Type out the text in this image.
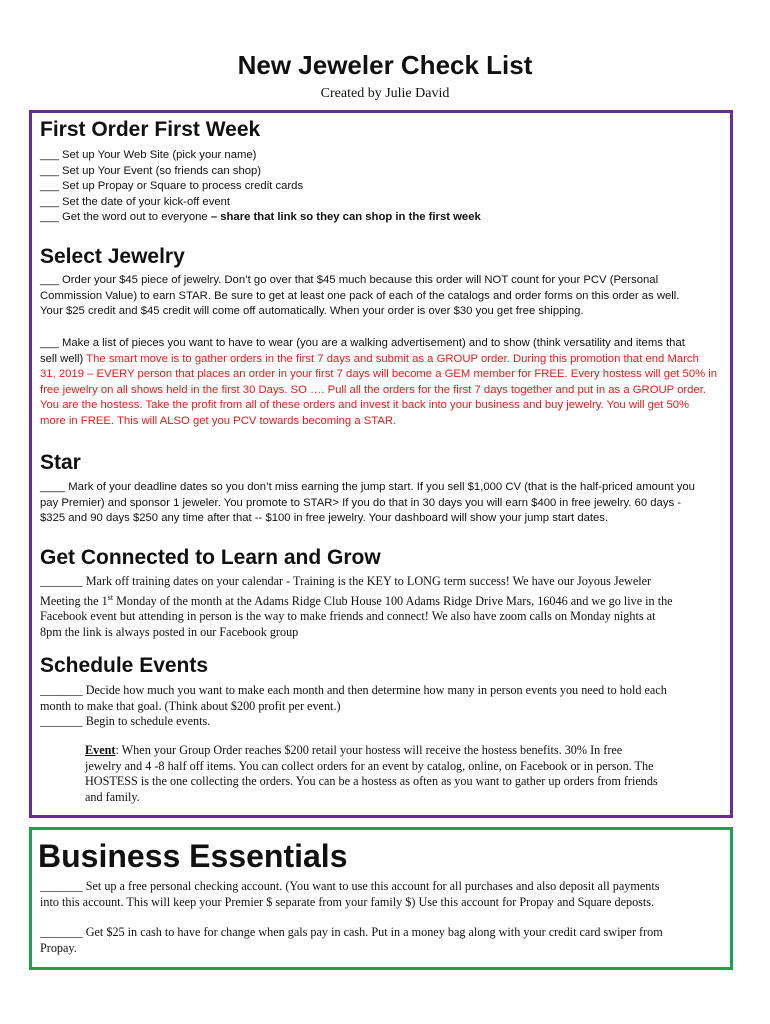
New Jeweler Check List
Created by Julie David
First Order First Week
___ Set up Your Web Site (pick your name)
___ Set up Your Event (so friends can shop)
___ Set up Propay or Square to process credit cards
___ Set the date of your kick-off event
___ Get the word out to everyone – share that link so they can shop in the first week
Select Jewelry
___ Order your $45 piece of jewelry. Don’t go over that $45 much because this order will NOT count for your PCV (Personal
Commission Value) to earn STAR. Be sure to get at least one pack of each of the catalogs and order forms on this order as well.
Your $25 credit and $45 credit will come off automatically. When your order is over $30 you get free shipping.
___ Make a list of pieces you want to have to wear (you are a walking advertisement) and to show (think versatility and items that
sell well) The smart move is to gather orders in the first 7 days and submit as a GROUP order. During this promotion that end March
31, 2019 – EVERY person that places an order in your first 7 days will become a GEM member for FREE. Every hostess will get 50% in
free jewelry on all shows held in the first 30 Days. SO …. Pull all the orders for the first 7 days together and put in as a GROUP order.
You are the hostess. Take the profit from all of these orders and invest it back into your business and buy jewelry. You will get 50%
more in FREE. This will ALSO get you PCV towards becoming a STAR.
Star
____ Mark of your deadline dates so you don’t miss earning the jump start. If you sell $1,000 CV (that is the half-priced amount you
pay Premier) and sponsor 1 jeweler. You promote to STAR> If you do that in 30 days you will earn $400 in free jewelry. 60 days -
$325 and 90 days $250 any time after that -- $100 in free jewelry. Your dashboard will show your jump start dates.
Get Connected to Learn and Grow
_______ Mark off training dates on your calendar - Training is the KEY to LONG term success! We have our Joyous Jeweler
Meeting the 1st Monday of the month at the Adams Ridge Club House 100 Adams Ridge Drive Mars, 16046 and we go live in the
Facebook event but attending in person is the way to make friends and connect! We also have zoom calls on Monday nights at
8pm the link is always posted in our Facebook group
Schedule Events
_______ Decide how much you want to make each month and then determine how many in person events you need to hold each
month to make that goal. (Think about $200 profit per event.)
_______ Begin to schedule events.
Event: When your Group Order reaches $200 retail your hostess will receive the hostess benefits. 30% In free
jewelry and 4 -8 half off items. You can collect orders for an event by catalog, online, on Facebook or in person. The
HOSTESS is the one collecting the orders. You can be a hostess as often as you want to gather up orders from friends
and family.
Business Essentials
_______ Set up a free personal checking account. (You want to use this account for all purchases and also deposit all payments
into this account. This will keep your Premier $ separate from your family $) Use this account for Propay and Square deposts.
_______ Get $25 in cash to have for change when gals pay in cash. Put in a money bag along with your credit card swiper from
Propay.
